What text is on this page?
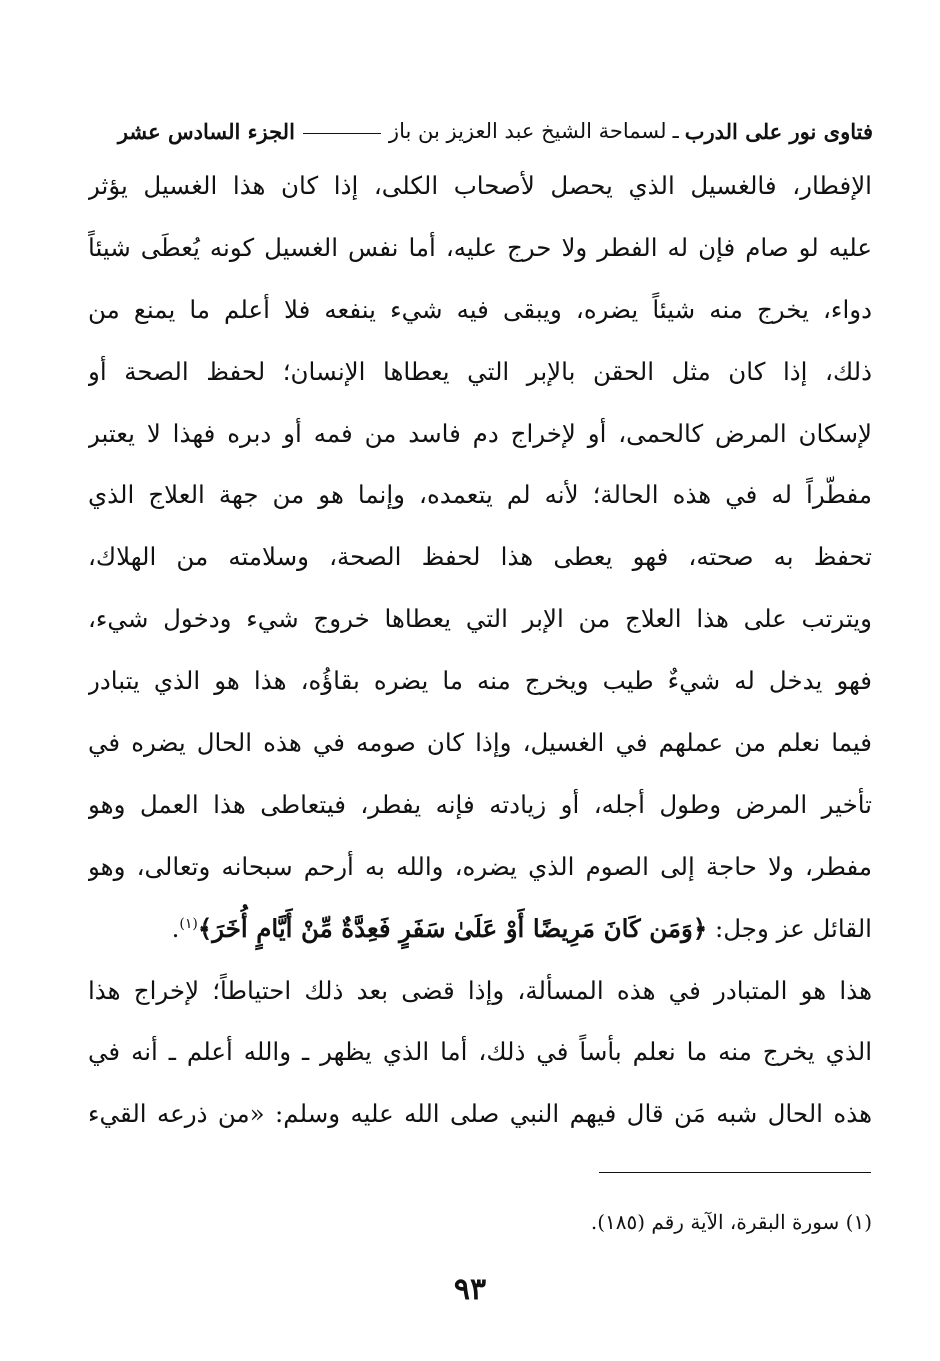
فتاوى نور على الدرب
ـ
لسماحة الشيخ عبد العزيز بن باز
الجزء السادس عشر
الإفطار، فالغسيل الذي يحصل لأصحاب الكلى، إذا كان هذا الغسيل يؤثر
عليه لو صام فإن له الفطر ولا حرج عليه، أما نفس الغسيل كونه يُعطَى شيئاً
دواء، يخرج منه شيئاً يضره، ويبقى فيه شيء ينفعه فلا أعلم ما يمنع من
ذلك، إذا كان مثل الحقن بالإبر التي يعطاها الإنسان؛ لحفظ الصحة أو
لإسكان المرض كالحمى، أو لإخراج دم فاسد من فمه أو دبره فهذا لا يعتبر
مفطّراً له في هذه الحالة؛ لأنه لم يتعمده، وإنما هو من جهة العلاج الذي
تحفظ به صحته، فهو يعطى هذا لحفظ الصحة، وسلامته من الهلاك،
ويترتب على هذا العلاج من الإبر التي يعطاها خروج شيء ودخول شيء،
فهو يدخل له شيءٌ طيب ويخرج منه ما يضره بقاؤُه، هذا هو الذي يتبادر
فيما نعلم من عملهم في الغسيل، وإذا كان صومه في هذه الحال يضره في
تأخير المرض وطول أجله، أو زيادته فإنه يفطر، فيتعاطى هذا العمل وهو
مفطر، ولا حاجة إلى الصوم الذي يضره، والله به أرحم سبحانه وتعالى، وهو
القائل عز وجل: ﴿وَمَن كَانَ مَرِيضًا أَوْ عَلَىٰ سَفَرٍ فَعِدَّةٌ مِّنْ أَيَّامٍ أُخَرَ﴾$^{(١)}$.
هذا هو المتبادر في هذه المسألة، وإذا قضى بعد ذلك احتياطاً؛ لإخراج هذا
الذي يخرج منه ما نعلم بأساً في ذلك، أما الذي يظهر ـ والله أعلم ـ أنه في
هذه الحال شبه مَن قال فيهم النبي صلى الله عليه وسلم: «من ذرعه القيء
(١) سورة البقرة، الآية رقم (١٨٥).
٩٣
